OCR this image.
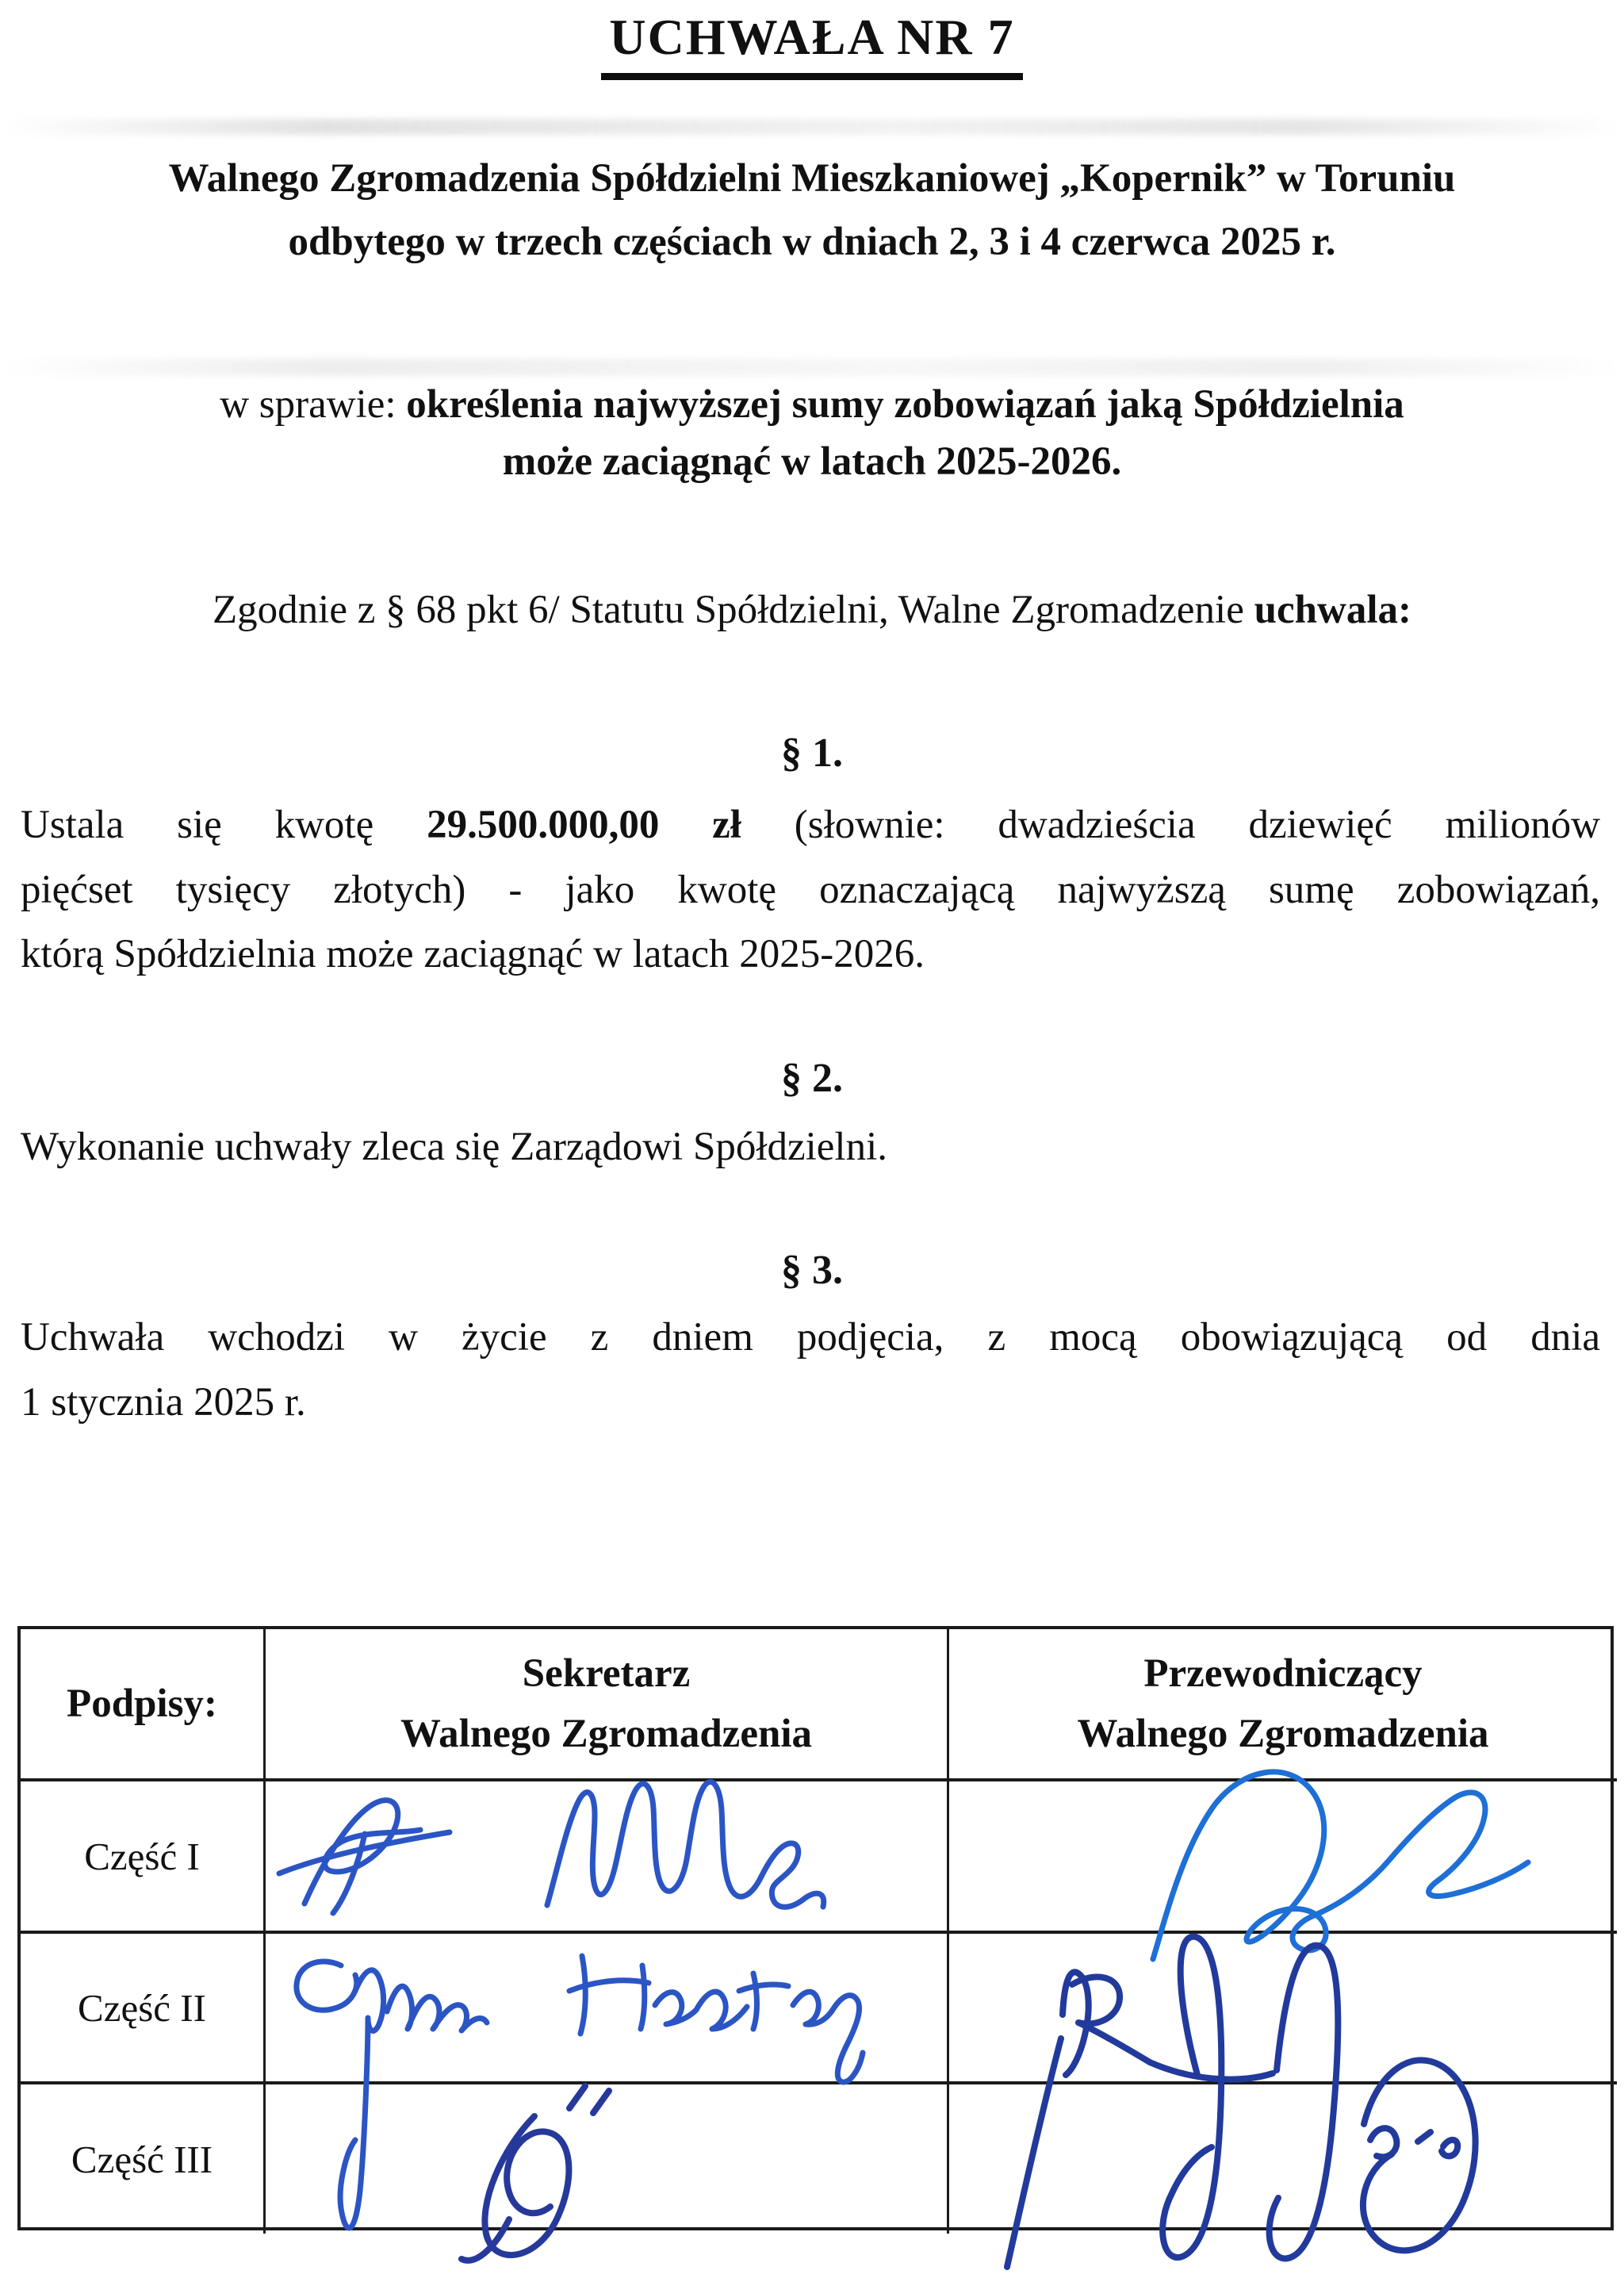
UCHWAŁA NR 7
Walnego Zgromadzenia Spółdzielni Mieszkaniowej „Kopernik” w Toruniu
odbytego w trzech częściach w dniach 2, 3 i 4 czerwca 2025 r.
w sprawie: określenia najwyższej sumy zobowiązań jaką Spółdzielnia
może zaciągnąć w latach 2025-2026.
Zgodnie z § 68 pkt 6/ Statutu Spółdzielni, Walne Zgromadzenie uchwala:
§ 1.
Ustala się kwotę 29.500.000,00 zł (słownie: dwadzieścia dziewięć milionów
pięćset tysięcy złotych) - jako kwotę oznaczającą najwyższą sumę zobowiązań,
którą Spółdzielnia może zaciągnąć w latach 2025-2026.
§ 2.
Wykonanie uchwały zleca się Zarządowi Spółdzielni.
§ 3.
Uchwała wchodzi w życie z dniem podjęcia, z mocą obowiązującą od dnia
1 stycznia 2025 r.
Podpisy:
Sekretarz
Walnego Zgromadzenia
Przewodniczący
Walnego Zgromadzenia
Część I
Część II
Część III
